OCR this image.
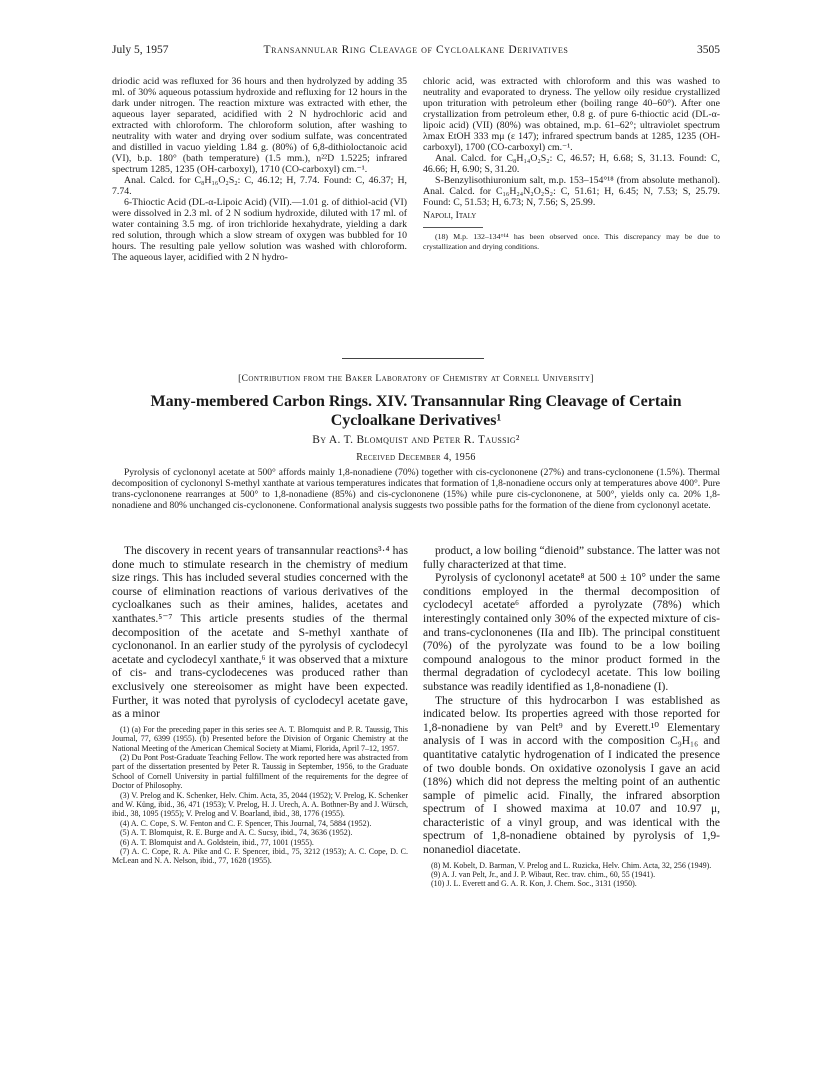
July 5, 1957	Transannular Ring Cleavage of Cycloalkane Derivatives	3505

driodic acid was refluxed for 36 hours and then hydrolyzed by adding 35 ml. of 30% aqueous potassium hydroxide and refluxing for 12 hours in the dark under nitrogen. The reaction mixture was extracted with ether, the aqueous layer separated, acidified with 2 N hydrochloric acid and extracted with chloroform. The chloroform solution, after washing to neutrality with water and drying over sodium sulfate, was concentrated and distilled in vacuo yielding 1.84 g. (80%) of 6,8-dithioloctanoic acid (VI), b.p. 180° (bath temperature) (1.5 mm.), n²²D 1.5225; infrared spectrum 1285, 1235 (OH-carboxyl), 1710 (CO-carboxyl) cm.⁻¹.

Anal. Calcd. for C₈H₁₆O₂S₂: C, 46.12; H, 7.74. Found: C, 46.37; H, 7.74.

6-Thioctic Acid (DL-α-Lipoic Acid) (VII).—1.01 g. of dithiol-acid (VI) were dissolved in 2.3 ml. of 2 N sodium hydroxide, diluted with 17 ml. of water containing 3.5 mg. of iron trichloride hexahydrate, yielding a dark red solution, through which a slow stream of oxygen was bubbled for 10 hours. The resulting pale yellow solution was washed with chloroform. The aqueous layer, acidified with 2 N hydro-

chloric acid, was extracted with chloroform and this was washed to neutrality and evaporated to dryness. The yellow oily residue crystallized upon trituration with petroleum ether (boiling range 40–60°). After one crystallization from petroleum ether, 0.8 g. of pure 6-thioctic acid (DL-α-lipoic acid) (VII) (80%) was obtained, m.p. 61–62°; ultraviolet spectrum λmax EtOH 333 mμ (ε 147); infrared spectrum bands at 1285, 1235 (OH-carboxyl), 1700 (CO-carboxyl) cm.⁻¹.

Anal. Calcd. for C₈H₁₄O₂S₂: C, 46.57; H, 6.68; S, 31.13. Found: C, 46.66; H, 6.90; S, 31.20.

S-Benzylisothiuronium salt, m.p. 153–154°¹⁸ (from absolute methanol). Anal. Calcd. for C₁₆H₂₄N₂O₂S₂: C, 51.61; H, 6.45; N, 7.53; S, 25.79. Found: C, 51.53; H, 6.73; N, 7.56; S, 25.99.

Napoli, Italy

(18) M.p. 132–134°¹⁴ has been observed once. This discrepancy may be due to crystallization and drying conditions.

[Contribution from the Baker Laboratory of Chemistry at Cornell University]
Many-membered Carbon Rings. XIV. Transannular Ring Cleavage of Certain
Cycloalkane Derivatives¹
By A. T. Blomquist and Peter R. Taussig²
Received December 4, 1956
Pyrolysis of cyclononyl acetate at 500° affords mainly 1,8-nonadiene (70%) together with cis-cyclononene (27%) and trans-cyclononene (1.5%). Thermal decomposition of cyclononyl S-methyl xanthate at various temperatures indicates that formation of 1,8-nonadiene occurs only at temperatures above 400°. Pure trans-cyclononene rearranges at 500° to 1,8-nonadiene (85%) and cis-cyclononene (15%) while pure cis-cyclononene, at 500°, yields only ca. 20% 1,8-nonadiene and 80% unchanged cis-cyclononene. Conformational analysis suggests two possible paths for the formation of the diene from cyclononyl acetate.

The discovery in recent years of transannular reactions³·⁴ has done much to stimulate research in the chemistry of medium size rings. This has included several studies concerned with the course of elimination reactions of various derivatives of the cycloalkanes such as their amines, halides, acetates and xanthates.⁵⁻⁷ This article presents studies of the thermal decomposition of the acetate and S-methyl xanthate of cyclononanol. In an earlier study of the pyrolysis of cyclodecyl acetate and cyclodecyl xanthate,⁶ it was observed that a mixture of cis- and trans-cyclodecenes was produced rather than exclusively one stereoisomer as might have been expected. Further, it was noted that pyrolysis of cyclodecyl acetate gave, as a minor

(1) (a) For the preceding paper in this series see A. T. Blomquist and P. R. Taussig, This Journal, 77, 6399 (1955). (b) Presented before the Division of Organic Chemistry at the National Meeting of the American Chemical Society at Miami, Florida, April 7–12, 1957.
(2) Du Pont Post-Graduate Teaching Fellow. The work reported here was abstracted from part of the dissertation presented by Peter R. Taussig in September, 1956, to the Graduate School of Cornell University in partial fulfillment of the requirements for the degree of Doctor of Philosophy.
(3) V. Prelog and K. Schenker, Helv. Chim. Acta, 35, 2044 (1952); V. Prelog, K. Schenker and W. Küng, ibid., 36, 471 (1953); V. Prelog, H. J. Urech, A. A. Bothner-By and J. Würsch, ibid., 38, 1095 (1955); V. Prelog and V. Boarland, ibid., 38, 1776 (1955).
(4) A. C. Cope, S. W. Fenton and C. F. Spencer, This Journal, 74, 5884 (1952).
(5) A. T. Blomquist, R. E. Burge and A. C. Sucsy, ibid., 74, 3636 (1952).
(6) A. T. Blomquist and A. Goldstein, ibid., 77, 1001 (1955).
(7) A. C. Cope, R. A. Pike and C. F. Spencer, ibid., 75, 3212 (1953); A. C. Cope, D. C. McLean and N. A. Nelson, ibid., 77, 1628 (1955).

product, a low boiling “dienoid” substance. The latter was not fully characterized at that time.

Pyrolysis of cyclononyl acetate⁸ at 500 ± 10° under the same conditions employed in the thermal decomposition of cyclodecyl acetate⁶ afforded a pyrolyzate (78%) which interestingly contained only 30% of the expected mixture of cis- and trans-cyclononenes (IIa and IIb). The principal constituent (70%) of the pyrolyzate was found to be a low boiling compound analogous to the minor product formed in the thermal degradation of cyclodecyl acetate. This low boiling substance was readily identified as 1,8-nonadiene (I).

The structure of this hydrocarbon I was established as indicated below. Its properties agreed with those reported for 1,8-nonadiene by van Pelt⁹ and by Everett.¹⁰ Elementary analysis of I was in accord with the composition C₉H₁₆ and quantitative catalytic hydrogenation of I indicated the presence of two double bonds. On oxidative ozonolysis I gave an acid (18%) which did not depress the melting point of an authentic sample of pimelic acid. Finally, the infrared absorption spectrum of I showed maxima at 10.07 and 10.97 μ, characteristic of a vinyl group, and was identical with the spectrum of 1,8-nonadiene obtained by pyrolysis of 1,9-nonanediol diacetate.

(8) M. Kobelt, D. Barman, V. Prelog and L. Ruzicka, Helv. Chim. Acta, 32, 256 (1949).
(9) A. J. van Pelt, Jr., and J. P. Wibaut, Rec. trav. chim., 60, 55 (1941).
(10) J. L. Everett and G. A. R. Kon, J. Chem. Soc., 3131 (1950).
